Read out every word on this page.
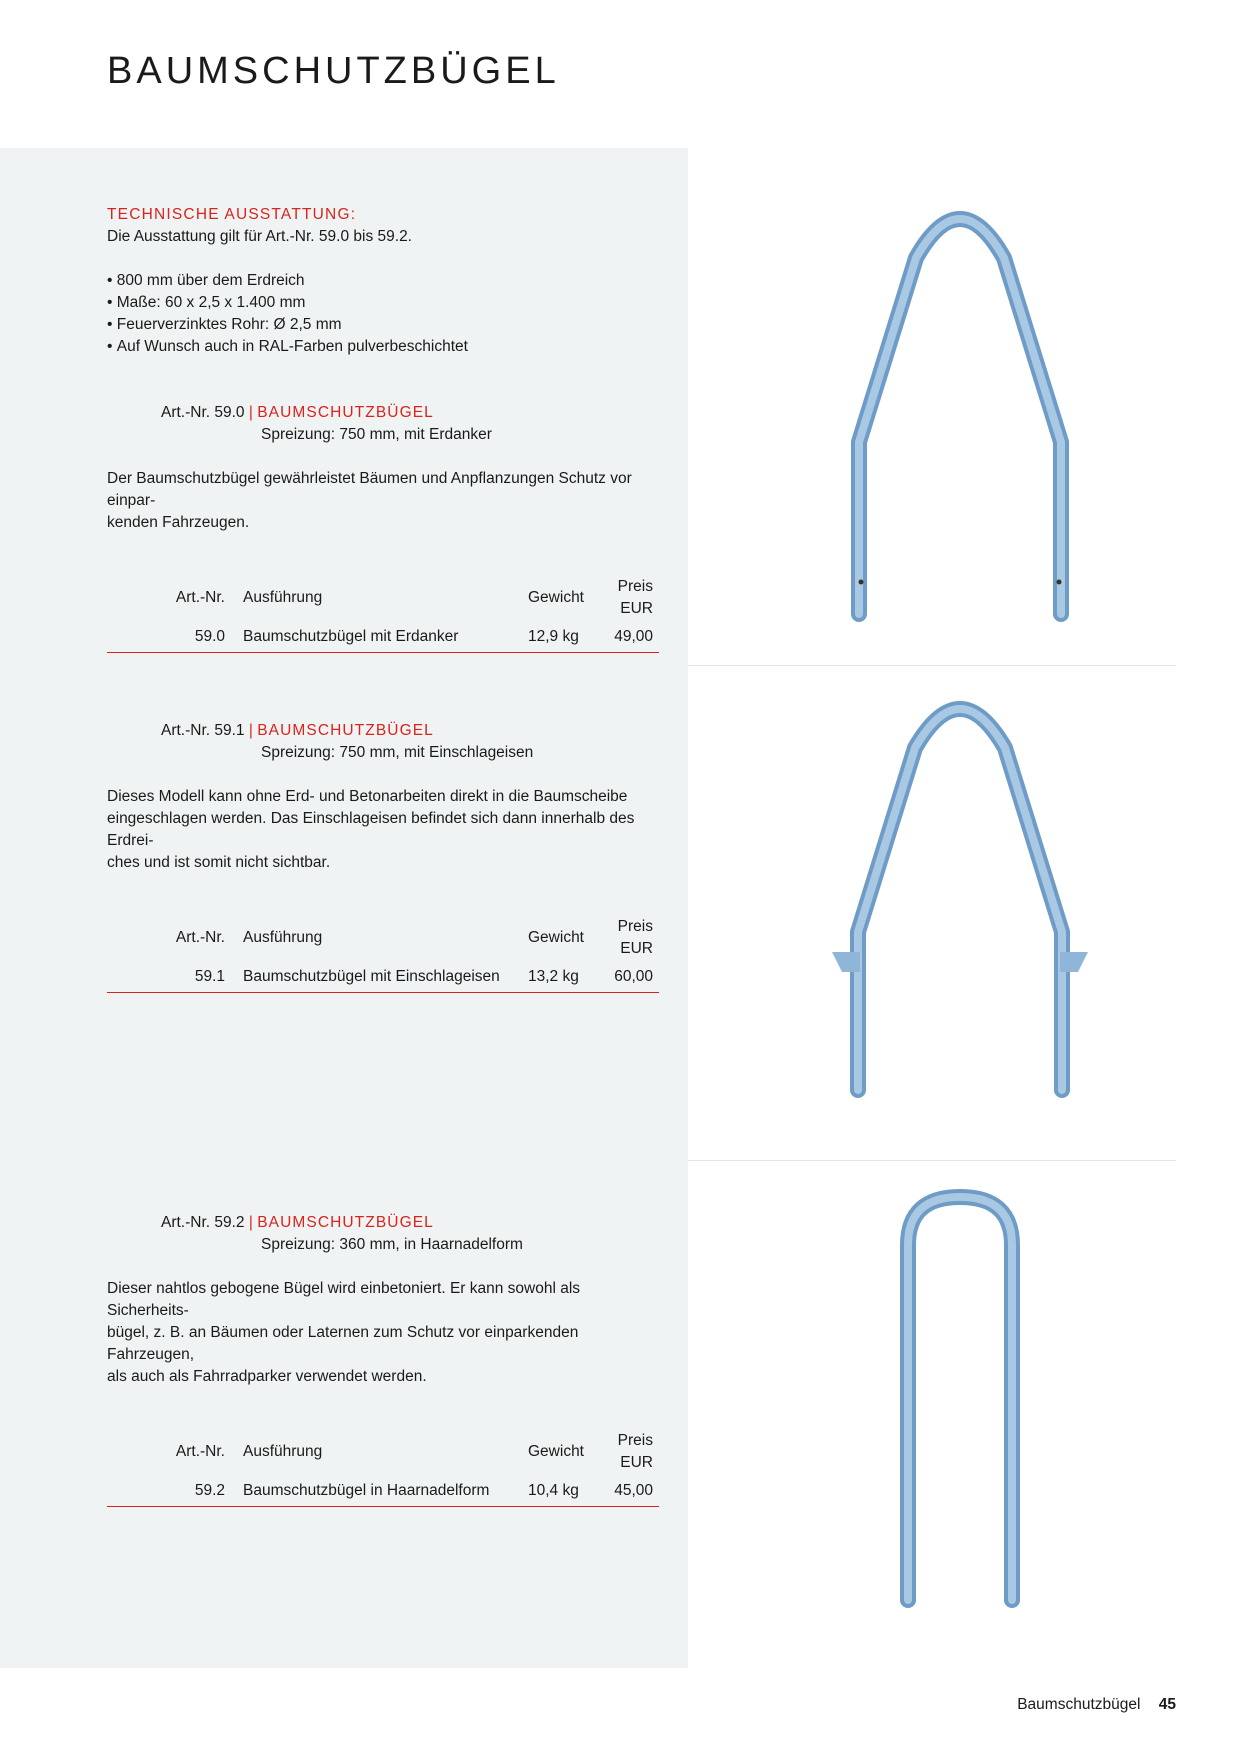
BAUMSCHUTZBÜGEL
TECHNISCHE AUSSTATTUNG:
Die Ausstattung gilt für Art.-Nr. 59.0 bis 59.2.
• 800 mm über dem Erdreich
• Maße: 60 x 2,5 x 1.400 mm
• Feuerverzinktes Rohr: Ø 2,5 mm
• Auf Wunsch auch in RAL-Farben pulverbeschichtet
Art.-Nr. 59.0 | BAUMSCHUTZBÜGEL
Spreizung: 750 mm, mit Erdanker
Der Baumschutzbügel gewährleistet Bäumen und Anpflanzungen Schutz vor einpar-
kenden Fahrzeugen.
Art.-Nr.	Ausführung	Gewicht	Preis EUR
59.0	Baumschutzbügel mit Erdanker	12,9 kg	49,00
Art.-Nr. 59.1 | BAUMSCHUTZBÜGEL
Spreizung: 750 mm, mit Einschlageisen
Dieses Modell kann ohne Erd- und Betonarbeiten direkt in die Baumscheibe
eingeschlagen werden. Das Einschlageisen befindet sich dann innerhalb des Erdrei-
ches und ist somit nicht sichtbar.
Art.-Nr.	Ausführung	Gewicht	Preis EUR
59.1	Baumschutzbügel mit Einschlageisen	13,2 kg	60,00
Art.-Nr. 59.2 | BAUMSCHUTZBÜGEL
Spreizung: 360 mm, in Haarnadelform
Dieser nahtlos gebogene Bügel wird einbetoniert. Er kann sowohl als Sicherheits-
bügel, z. B. an Bäumen oder Laternen zum Schutz vor einparkenden Fahrzeugen,
als auch als Fahrradparker verwendet werden.
Art.-Nr.	Ausführung	Gewicht	Preis EUR
59.2	Baumschutzbügel in Haarnadelform	10,4 kg	45,00
Baumschutzbügel 45
